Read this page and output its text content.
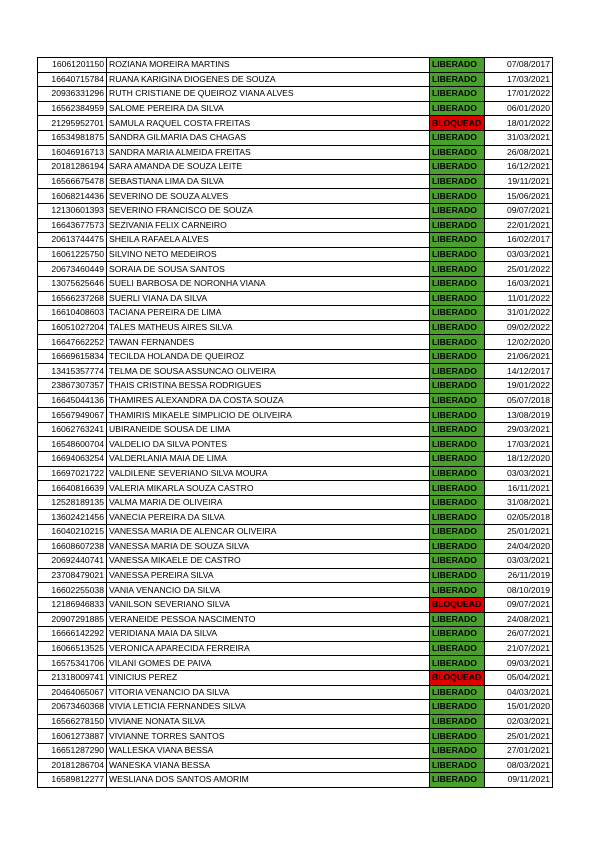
16061201150	ROZIANA MOREIRA MARTINS	LIBERADO	07/08/2017
16640715784	RUANA KARIGINA DIOGENES DE SOUZA	LIBERADO	17/03/2021
20936331296	RUTH CRISTIANE DE QUEIROZ VIANA ALVES	LIBERADO	17/01/2022
16562384959	SALOME PEREIRA DA SILVA	LIBERADO	06/01/2020
21295952701	SAMULA RAQUEL COSTA FREITAS	BLOQUEAD	18/01/2022
16534981875	SANDRA GILMARIA DAS CHAGAS	LIBERADO	31/03/2021
16046916713	SANDRA MARIA ALMEIDA FREITAS	LIBERADO	26/08/2021
20181286194	SARA AMANDA DE SOUZA LEITE	LIBERADO	16/12/2021
16566675478	SEBASTIANA LIMA DA SILVA	LIBERADO	19/11/2021
16068214436	SEVERINO DE SOUZA ALVES	LIBERADO	15/06/2021
12130601393	SEVERINO FRANCISCO DE SOUZA	LIBERADO	09/07/2021
16643677573	SEZIVANIA FELIX CARNEIRO	LIBERADO	22/01/2021
20613744475	SHEILA RAFAELA ALVES	LIBERADO	16/02/2017
16061225750	SILVINO NETO MEDEIROS	LIBERADO	03/03/2021
20673460449	SORAIA DE SOUSA SANTOS	LIBERADO	25/01/2022
13075625646	SUELI BARBOSA DE NORONHA VIANA	LIBERADO	16/03/2021
16566237268	SUERLI VIANA DA SILVA	LIBERADO	11/01/2022
16610408603	TACIANA PEREIRA DE LIMA	LIBERADO	31/01/2022
16051027204	TALES MATHEUS AIRES SILVA	LIBERADO	09/02/2022
16647662252	TAWAN FERNANDES	LIBERADO	12/02/2020
16669615834	TECILDA HOLANDA DE QUEIROZ	LIBERADO	21/06/2021
13415357774	TELMA DE SOUSA ASSUNCAO OLIVEIRA	LIBERADO	14/12/2017
23867307357	THAIS CRISTINA BESSA RODRIGUES	LIBERADO	19/01/2022
16645044136	THAMIRES ALEXANDRA DA COSTA SOUZA	LIBERADO	05/07/2018
16567949067	THAMIRIS MIKAELE SIMPLICIO DE OLIVEIRA	LIBERADO	13/08/2019
16062763241	UBIRANEIDE SOUSA DE LIMA	LIBERADO	29/03/2021
16548600704	VALDELIO DA SILVA PONTES	LIBERADO	17/03/2021
16694063254	VALDERLANIA MAIA DE LIMA	LIBERADO	18/12/2020
16697021722	VALDILENE SEVERIANO SILVA MOURA	LIBERADO	03/03/2021
16640816639	VALERIA MIKARLA SOUZA CASTRO	LIBERADO	16/11/2021
12528189135	VALMA MARIA DE OLIVEIRA	LIBERADO	31/08/2021
13602421456	VANECIA PEREIRA DA SILVA	LIBERADO	02/05/2018
16040210215	VANESSA MARIA DE ALENCAR OLIVEIRA	LIBERADO	25/01/2021
16608607238	VANESSA MARIA DE SOUZA SILVA	LIBERADO	24/04/2020
20692440741	VANESSA MIKAELE DE CASTRO	LIBERADO	03/03/2021
23708479021	VANESSA PEREIRA SILVA	LIBERADO	26/11/2019
16602255038	VANIA VENANCIO DA SILVA	LIBERADO	08/10/2019
12186946833	VANILSON SEVERIANO SILVA	BLOQUEAD	09/07/2021
20907291885	VERANEIDE PESSOA NASCIMENTO	LIBERADO	24/08/2021
16666142292	VERIDIANA MAIA DA SILVA	LIBERADO	26/07/2021
16066513525	VERONICA APARECIDA FERREIRA	LIBERADO	21/07/2021
16575341706	VILANI GOMES DE PAIVA	LIBERADO	09/03/2021
21318009741	VINICIUS PEREZ	BLOQUEAD	05/04/2021
20464065067	VITORIA VENANCIO DA SILVA	LIBERADO	04/03/2021
20673460368	VIVIA LETICIA FERNANDES SILVA	LIBERADO	15/01/2020
16566278150	VIVIANE NONATA SILVA	LIBERADO	02/03/2021
16061273887	VIVIANNE TORRES SANTOS	LIBERADO	25/01/2021
16651287290	WALLESKA VIANA BESSA	LIBERADO	27/01/2021
20181286704	WANESKA VIANA BESSA	LIBERADO	08/03/2021
16589812277	WESLIANA DOS SANTOS AMORIM	LIBERADO	09/11/2021
